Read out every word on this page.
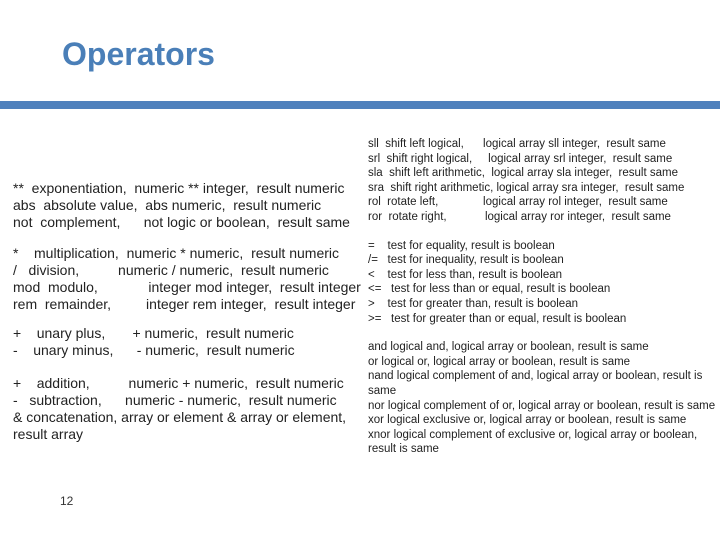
Operators
**  exponentiation,  numeric ** integer,  result numeric
abs  absolute value,  abs numeric,  result numeric
not  complement,      not logic or boolean,  result same
*    multiplication,  numeric * numeric,  result numeric
/   division,          numeric / numeric,  result numeric
mod  modulo,             integer mod integer,  result integer
rem  remainder,         integer rem integer,  result integer
+    unary plus,       + numeric,  result numeric
-    unary minus,      - numeric,  result numeric
+    addition,          numeric + numeric,  result numeric
-   subtraction,      numeric - numeric,  result numeric
& concatenation, array or element & array or element, result array
sll  shift left logical,      logical array sll integer,  result same
srl  shift right logical,     logical array srl integer,  result same
sla  shift left arithmetic,  logical array sla integer,  result same
sra  shift right arithmetic, logical array sra integer,  result same
rol  rotate left,              logical array rol integer,  result same
ror  rotate right,            logical array ror integer,  result same
=    test for equality, result is boolean
/=   test for inequality, result is boolean
<    test for less than, result is boolean
<=   test for less than or equal, result is boolean
>    test for greater than, result is boolean
>=   test for greater than or equal, result is boolean
and logical and, logical array or boolean, result is same
or logical or, logical array or boolean, result is same
nand logical complement of and, logical array or boolean, result is same
nor logical complement of or, logical array or boolean, result is same
xor logical exclusive or, logical array or boolean, result is same
xnor logical complement of exclusive or, logical array or boolean, result is same
12
